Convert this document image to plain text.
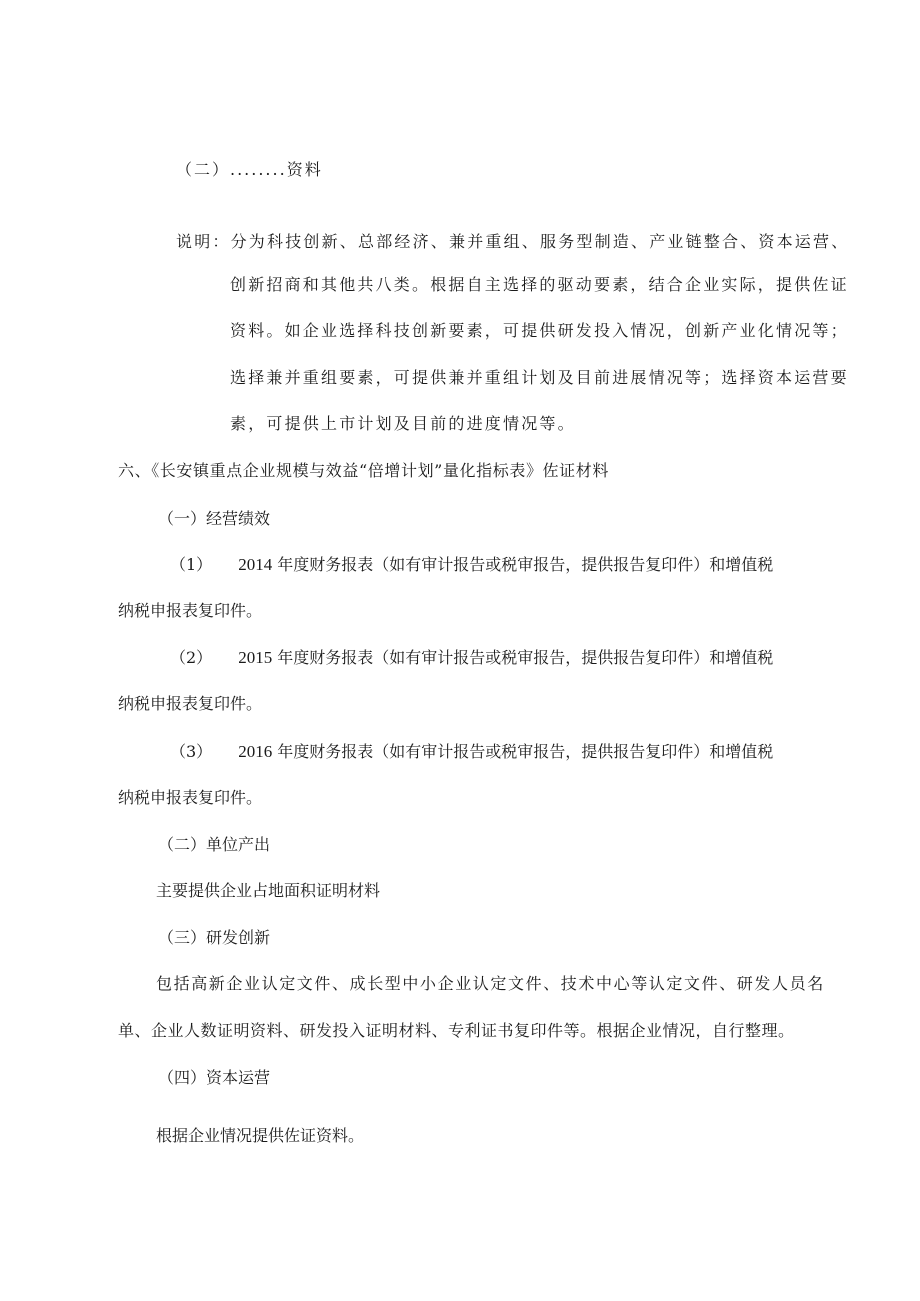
（二）........资料
说明：分为科技创新、总部经济、兼并重组、服务型制造、产业链整合、资本运营、
创新招商和其他共八类。根据自主选择的驱动要素，结合企业实际，提供佐证
资料。如企业选择科技创新要素，可提供研发投入情况，创新产业化情况等；
选择兼并重组要素，可提供兼并重组计划及目前进展情况等；选择资本运营要
素，可提供上市计划及目前的进度情况等。
六、《长安镇重点企业规模与效益“倍增计划”量化指标表》佐证材料
（一）经营绩效
（1） 2014 年度财务报表（如有审计报告或税审报告，提供报告复印件）和增值税
纳税申报表复印件。
（2） 2015 年度财务报表（如有审计报告或税审报告，提供报告复印件）和增值税
纳税申报表复印件。
（3） 2016 年度财务报表（如有审计报告或税审报告，提供报告复印件）和增值税
纳税申报表复印件。
（二）单位产出
主要提供企业占地面积证明材料
（三）研发创新
包括高新企业认定文件、成长型中小企业认定文件、技术中心等认定文件、研发人员名
单、企业人数证明资料、研发投入证明材料、专利证书复印件等。根据企业情况，自行整理。
（四）资本运营
根据企业情况提供佐证资料。
